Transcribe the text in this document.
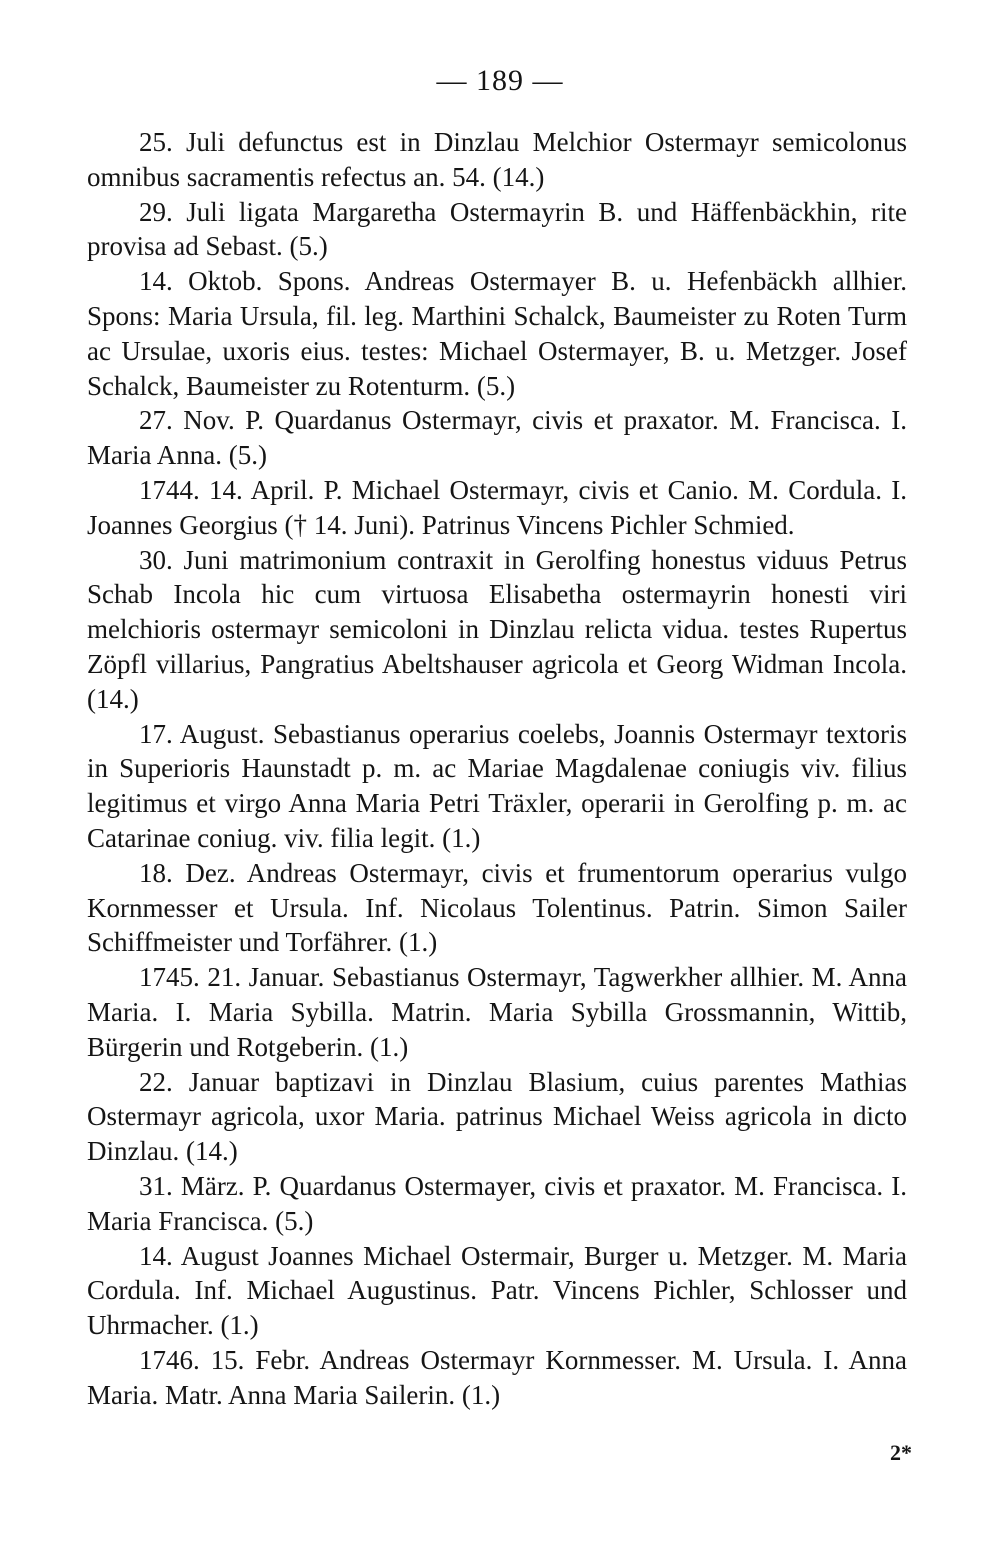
— 189 —

25. Juli defunctus est in Dinzlau Melchior Ostermayr semicolonus omnibus sacramentis refectus an. 54. (14.)

29. Juli ligata Margaretha Ostermayrin B. und Häffenbäckhin, rite provisa ad Sebast. (5.)

14. Oktob. Spons. Andreas Ostermayer B. u. Hefenbäckh allhier. Spons: Maria Ursula, fil. leg. Marthini Schalck, Baumeister zu Roten Turm ac Ursulae, uxoris eius. testes: Michael Ostermayer, B. u. Metzger. Josef Schalck, Baumeister zu Rotenturm. (5.)

27. Nov. P. Quardanus Ostermayr, civis et praxator. M. Francisca. I. Maria Anna. (5.)

1744. 14. April. P. Michael Ostermayr, civis et Canio. M. Cordula. I. Joannes Georgius († 14. Juni). Patrinus Vincens Pichler Schmied.

30. Juni matrimonium contraxit in Gerolfing honestus viduus Petrus Schab Incola hic cum virtuosa Elisabetha ostermayrin honesti viri melchioris ostermayr semicoloni in Dinzlau relicta vidua. testes Rupertus Zöpfl villarius, Pangratius Abeltshauser agricola et Georg Widman Incola. (14.)

17. August. Sebastianus operarius coelebs, Joannis Ostermayr textoris in Superioris Haunstadt p. m. ac Mariae Magdalenae coniugis viv. filius legitimus et virgo Anna Maria Petri Träxler, operarii in Gerolfing p. m. ac Catarinae coniug. viv. filia legit. (1.)

18. Dez. Andreas Ostermayr, civis et frumentorum operarius vulgo Kornmesser et Ursula. Inf. Nicolaus Tolentinus. Patrin. Simon Sailer Schiffmeister und Torfährer. (1.)

1745. 21. Januar. Sebastianus Ostermayr, Tagwerkher allhier. M. Anna Maria. I. Maria Sybilla. Matrin. Maria Sybilla Grossmannin, Wittib, Bürgerin und Rotgeberin. (1.)

22. Januar baptizavi in Dinzlau Blasium, cuius parentes Mathias Ostermayr agricola, uxor Maria. patrinus Michael Weiss agricola in dicto Dinzlau. (14.)

31. März. P. Quardanus Ostermayer, civis et praxator. M. Francisca. I. Maria Francisca. (5.)

14. August Joannes Michael Ostermair, Burger u. Metzger. M. Maria Cordula. Inf. Michael Augustinus. Patr. Vincens Pichler, Schlosser und Uhrmacher. (1.)

1746. 15. Febr. Andreas Ostermayr Kornmesser. M. Ursula. I. Anna Maria. Matr. Anna Maria Sailerin. (1.)

2*
